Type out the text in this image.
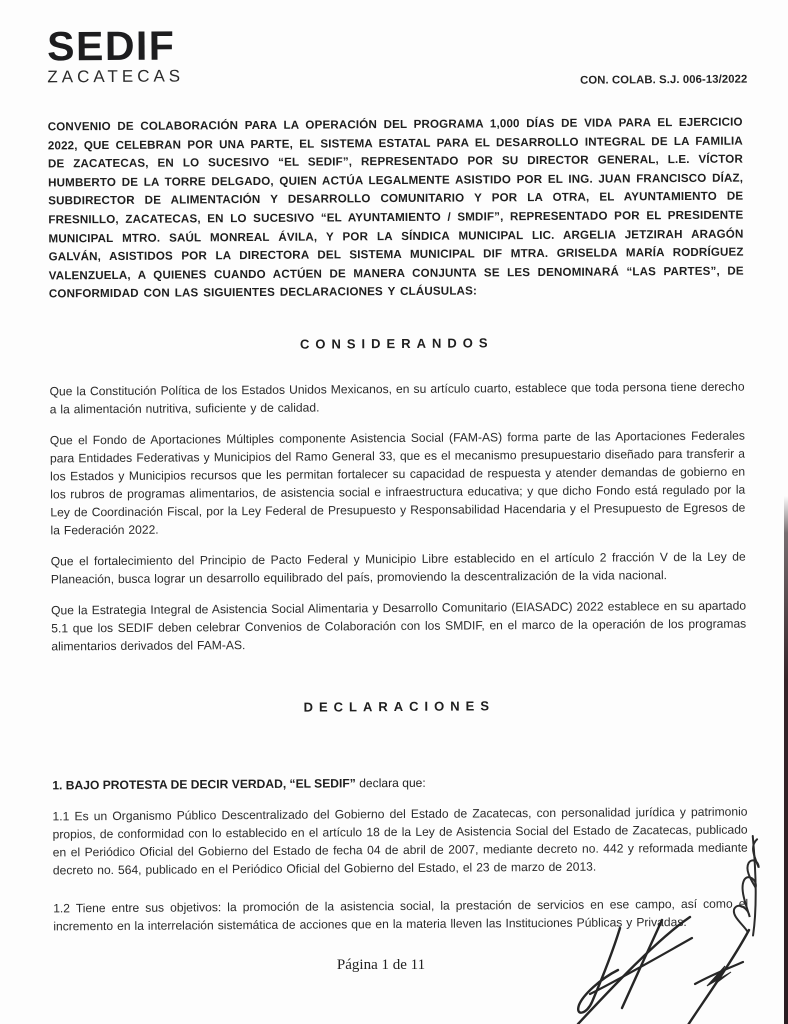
SEDIF
ZACATECAS	CON. COLAB. S.J. 006-13/2022

CONVENIO DE COLABORACIÓN PARA LA OPERACIÓN DEL PROGRAMA 1,000 DÍAS DE VIDA PARA EL EJERCICIO 2022, QUE CELEBRAN POR UNA PARTE, EL SISTEMA ESTATAL PARA EL DESARROLLO INTEGRAL DE LA FAMILIA DE ZACATECAS, EN LO SUCESIVO “EL SEDIF”, REPRESENTADO POR SU DIRECTOR GENERAL, L.E. VÍCTOR HUMBERTO DE LA TORRE DELGADO, QUIEN ACTÚA LEGALMENTE ASISTIDO POR EL ING. JUAN FRANCISCO DÍAZ, SUBDIRECTOR DE ALIMENTACIÓN Y DESARROLLO COMUNITARIO Y POR LA OTRA, EL AYUNTAMIENTO DE FRESNILLO, ZACATECAS, EN LO SUCESIVO “EL AYUNTAMIENTO / SMDIF”, REPRESENTADO POR EL PRESIDENTE MUNICIPAL MTRO. SAÚL MONREAL ÁVILA, Y POR LA SÍNDICA MUNICIPAL LIC. ARGELIA JETZIRAH ARAGÓN GALVÁN, ASISTIDOS POR LA DIRECTORA DEL SISTEMA MUNICIPAL DIF MTRA. GRISELDA MARÍA RODRÍGUEZ VALENZUELA, A QUIENES CUANDO ACTÚEN DE MANERA CONJUNTA SE LES DENOMINARÁ “LAS PARTES”, DE CONFORMIDAD CON LAS SIGUIENTES DECLARACIONES Y CLÁUSULAS:

CONSIDERANDOS

Que la Constitución Política de los Estados Unidos Mexicanos, en su artículo cuarto, establece que toda persona tiene derecho a la alimentación nutritiva, suficiente y de calidad.

Que el Fondo de Aportaciones Múltiples componente Asistencia Social (FAM-AS) forma parte de las Aportaciones Federales para Entidades Federativas y Municipios del Ramo General 33, que es el mecanismo presupuestario diseñado para transferir a los Estados y Municipios recursos que les permitan fortalecer su capacidad de respuesta y atender demandas de gobierno en los rubros de programas alimentarios, de asistencia social e infraestructura educativa; y que dicho Fondo está regulado por la Ley de Coordinación Fiscal, por la Ley Federal de Presupuesto y Responsabilidad Hacendaria y el Presupuesto de Egresos de la Federación 2022.

Que el fortalecimiento del Principio de Pacto Federal y Municipio Libre establecido en el artículo 2 fracción V de la Ley de Planeación, busca lograr un desarrollo equilibrado del país, promoviendo la descentralización de la vida nacional.

Que la Estrategia Integral de Asistencia Social Alimentaria y Desarrollo Comunitario (EIASADC) 2022 establece en su apartado 5.1 que los SEDIF deben celebrar Convenios de Colaboración con los SMDIF, en el marco de la operación de los programas alimentarios derivados del FAM-AS.

DECLARACIONES

1. BAJO PROTESTA DE DECIR VERDAD, “EL SEDIF” declara que:

1.1 Es un Organismo Público Descentralizado del Gobierno del Estado de Zacatecas, con personalidad jurídica y patrimonio propios, de conformidad con lo establecido en el artículo 18 de la Ley de Asistencia Social del Estado de Zacatecas, publicado en el Periódico Oficial del Gobierno del Estado de fecha 04 de abril de 2007, mediante decreto no. 442 y reformada mediante decreto no. 564, publicado en el Periódico Oficial del Gobierno del Estado, el 23 de marzo de 2013.

1.2 Tiene entre sus objetivos: la promoción de la asistencia social, la prestación de servicios en ese campo, así como el incremento en la interrelación sistemática de acciones que en la materia lleven las Instituciones Públicas y Privadas.

Página 1 de 11
